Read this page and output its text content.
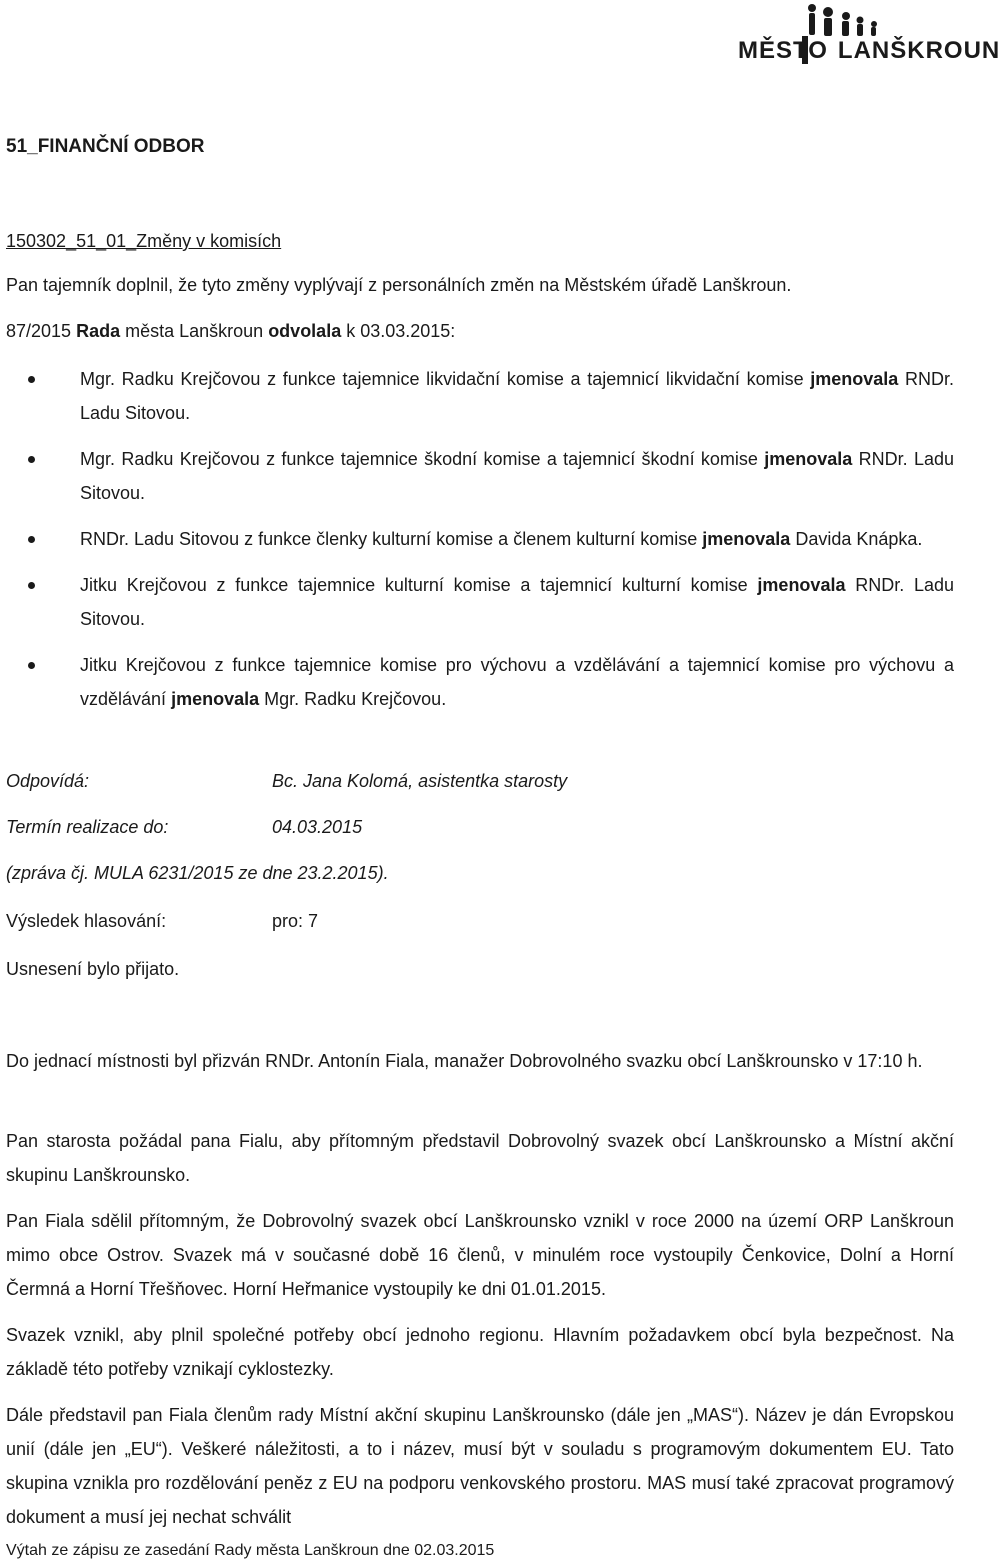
MĚSTO LANŠKROUN
51_FINANČNÍ ODBOR
150302_51_01_Změny v komisích
Pan tajemník doplnil, že tyto změny vyplývají z personálních změn na Městském úřadě Lanškroun.
87/2015 Rada města Lanškroun odvolala k 03.03.2015:
Mgr. Radku Krejčovou z funkce tajemnice likvidační komise a tajemnicí likvidační komise jmenovala RNDr. Ladu Sitovou.
Mgr. Radku Krejčovou z funkce tajemnice škodní komise a tajemnicí škodní komise jmenovala RNDr. Ladu Sitovou.
RNDr. Ladu Sitovou z funkce členky kulturní komise a členem kulturní komise jmenovala Davida Knápka.
Jitku Krejčovou z funkce tajemnice kulturní komise a tajemnicí kulturní komise jmenovala RNDr. Ladu Sitovou.
Jitku Krejčovou z funkce tajemnice komise pro výchovu a vzdělávání a tajemnicí komise pro výchovu a vzdělávání jmenovala Mgr. Radku Krejčovou.
Odpovídá:	Bc. Jana Kolomá, asistentka starosty
Termín realizace do:	04.03.2015
(zpráva čj. MULA 6231/2015 ze dne 23.2.2015).
Výsledek hlasování:	pro: 7
Usnesení bylo přijato.
Do jednací místnosti byl přizván RNDr. Antonín Fiala, manažer Dobrovolného svazku obcí Lanškrounsko v 17:10 h.
Pan starosta požádal pana Fialu, aby přítomným představil Dobrovolný svazek obcí Lanškrounsko a Místní akční skupinu Lanškrounsko.
Pan Fiala sdělil přítomným, že Dobrovolný svazek obcí Lanškrounsko vznikl v roce 2000 na území ORP Lanškroun mimo obce Ostrov. Svazek má v současné době 16 členů, v minulém roce vystoupily Čenkovice, Dolní a Horní Čermná a Horní Třešňovec. Horní Heřmanice vystoupily ke dni 01.01.2015.
Svazek vznikl, aby plnil společné potřeby obcí jednoho regionu. Hlavním požadavkem obcí byla bezpečnost. Na základě této potřeby vznikají cyklostezky.
Dále představil pan Fiala členům rady Místní akční skupinu Lanškrounsko (dále jen „MAS“). Název je dán Evropskou unií (dále jen „EU“). Veškeré náležitosti, a to i název, musí být v souladu s programovým dokumentem EU. Tato skupina vznikla pro rozdělování peněz z EU na podporu venkovského prostoru. MAS musí také zpracovat programový dokument a musí jej nechat schválit
Výtah ze zápisu ze zasedání Rady města Lanškroun dne 02.03.2015
